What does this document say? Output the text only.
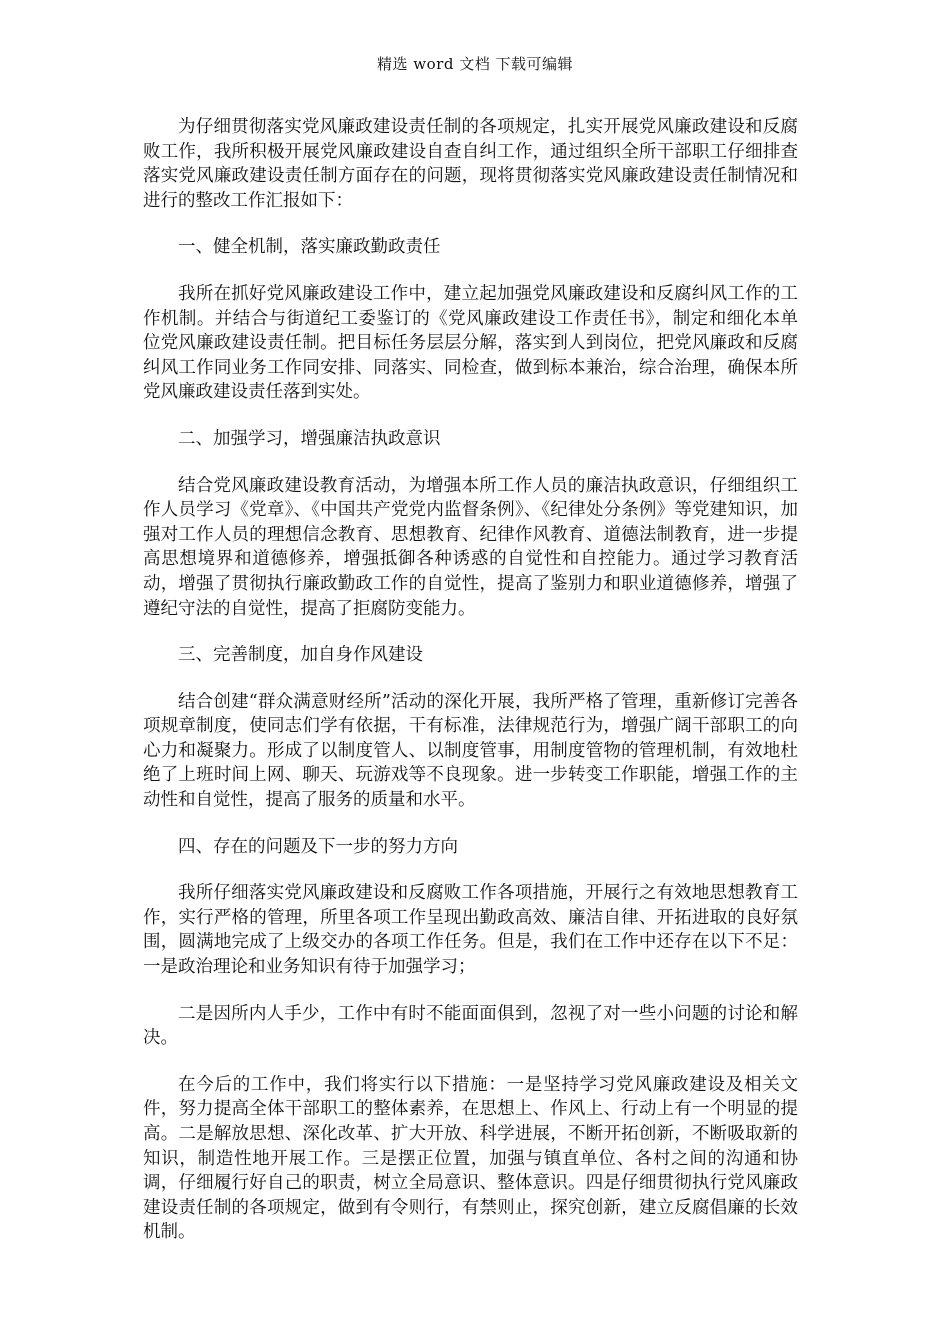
精选 word 文档 下载可编辑

为仔细贯彻落实党风廉政建设责任制的各项规定，扎实开展党风廉政建设和反腐败工作，我所积极开展党风廉政建设自查自纠工作，通过组织全所干部职工仔细排查落实党风廉政建设责任制方面存在的问题，现将贯彻落实党风廉政建设责任制情况和进行的整改工作汇报如下：

一、健全机制，落实廉政勤政责任

我所在抓好党风廉政建设工作中，建立起加强党风廉政建设和反腐纠风工作的工作机制。并结合与街道纪工委鉴订的《党风廉政建设工作责任书》，制定和细化本单位党风廉政建设责任制。把目标任务层层分解，落实到人到岗位，把党风廉政和反腐纠风工作同业务工作同安排、同落实、同检查，做到标本兼治，综合治理，确保本所党风廉政建设责任落到实处。

二、加强学习，增强廉洁执政意识

结合党风廉政建设教育活动，为增强本所工作人员的廉洁执政意识，仔细组织工作人员学习《党章》、《中国共产党党内监督条例》、《纪律处分条例》等党建知识，加强对工作人员的理想信念教育、思想教育、纪律作风教育、道德法制教育，进一步提高思想境界和道德修养，增强抵御各种诱惑的自觉性和自控能力。通过学习教育活动，增强了贯彻执行廉政勤政工作的自觉性，提高了鉴别力和职业道德修养，增强了遵纪守法的自觉性，提高了拒腐防变能力。

三、完善制度，加自身作风建设

结合创建“群众满意财经所”活动的深化开展，我所严格了管理，重新修订完善各项规章制度，使同志们学有依据，干有标准，法律规范行为，增强广阔干部职工的向心力和凝聚力。形成了以制度管人、以制度管事，用制度管物的管理机制，有效地杜绝了上班时间上网、聊天、玩游戏等不良现象。进一步转变工作职能，增强工作的主动性和自觉性，提高了服务的质量和水平。

四、存在的问题及下一步的努力方向

我所仔细落实党风廉政建设和反腐败工作各项措施，开展行之有效地思想教育工作，实行严格的管理，所里各项工作呈现出勤政高效、廉洁自律、开拓进取的良好氛围，圆满地完成了上级交办的各项工作任务。但是，我们在工作中还存在以下不足：一是政治理论和业务知识有待于加强学习；

二是因所内人手少，工作中有时不能面面俱到，忽视了对一些小问题的讨论和解决。

在今后的工作中，我们将实行以下措施：一是坚持学习党风廉政建设及相关文件，努力提高全体干部职工的整体素养，在思想上、作风上、行动上有一个明显的提高。二是解放思想、深化改革、扩大开放、科学进展，不断开拓创新，不断吸取新的知识，制造性地开展工作。三是摆正位置，加强与镇直单位、各村之间的沟通和协调，仔细履行好自己的职责，树立全局意识、整体意识。四是仔细贯彻执行党风廉政建设责任制的各项规定，做到有令则行，有禁则止，探究创新，建立反腐倡廉的长效机制。
